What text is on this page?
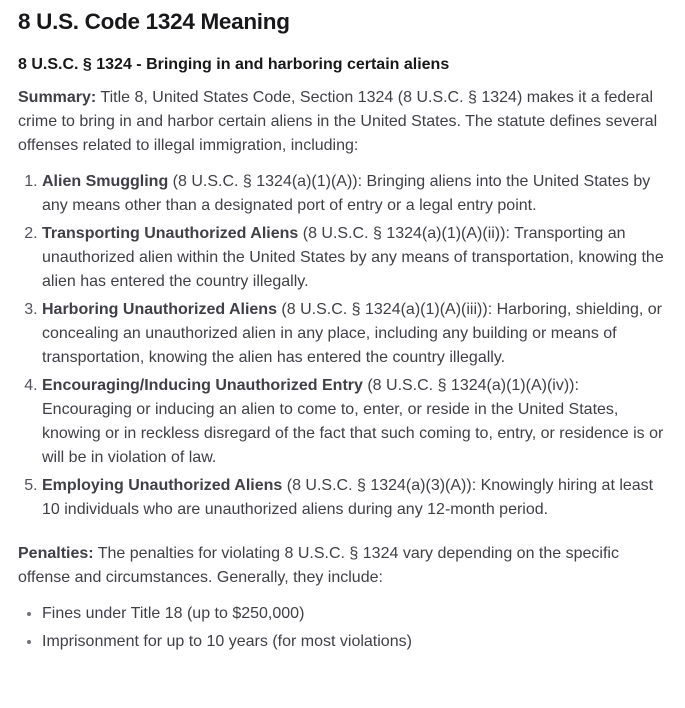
8 U.S. Code 1324 Meaning
8 U.S.C. § 1324 - Bringing in and harboring certain aliens

Summary: Title 8, United States Code, Section 1324 (8 U.S.C. § 1324) makes it a federal crime to bring in and harbor certain aliens in the United States. The statute defines several offenses related to illegal immigration, including:

1. Alien Smuggling (8 U.S.C. § 1324(a)(1)(A)): Bringing aliens into the United States by any means other than a designated port of entry or a legal entry point.
2. Transporting Unauthorized Aliens (8 U.S.C. § 1324(a)(1)(A)(ii)): Transporting an unauthorized alien within the United States by any means of transportation, knowing the alien has entered the country illegally.
3. Harboring Unauthorized Aliens (8 U.S.C. § 1324(a)(1)(A)(iii)): Harboring, shielding, or concealing an unauthorized alien in any place, including any building or means of transportation, knowing the alien has entered the country illegally.
4. Encouraging/Inducing Unauthorized Entry (8 U.S.C. § 1324(a)(1)(A)(iv)): Encouraging or inducing an alien to come to, enter, or reside in the United States, knowing or in reckless disregard of the fact that such coming to, entry, or residence is or will be in violation of law.
5. Employing Unauthorized Aliens (8 U.S.C. § 1324(a)(3)(A)): Knowingly hiring at least 10 individuals who are unauthorized aliens during any 12-month period.

Penalties: The penalties for violating 8 U.S.C. § 1324 vary depending on the specific offense and circumstances. Generally, they include:

• Fines under Title 18 (up to $250,000)
• Imprisonment for up to 10 years (for most violations)
